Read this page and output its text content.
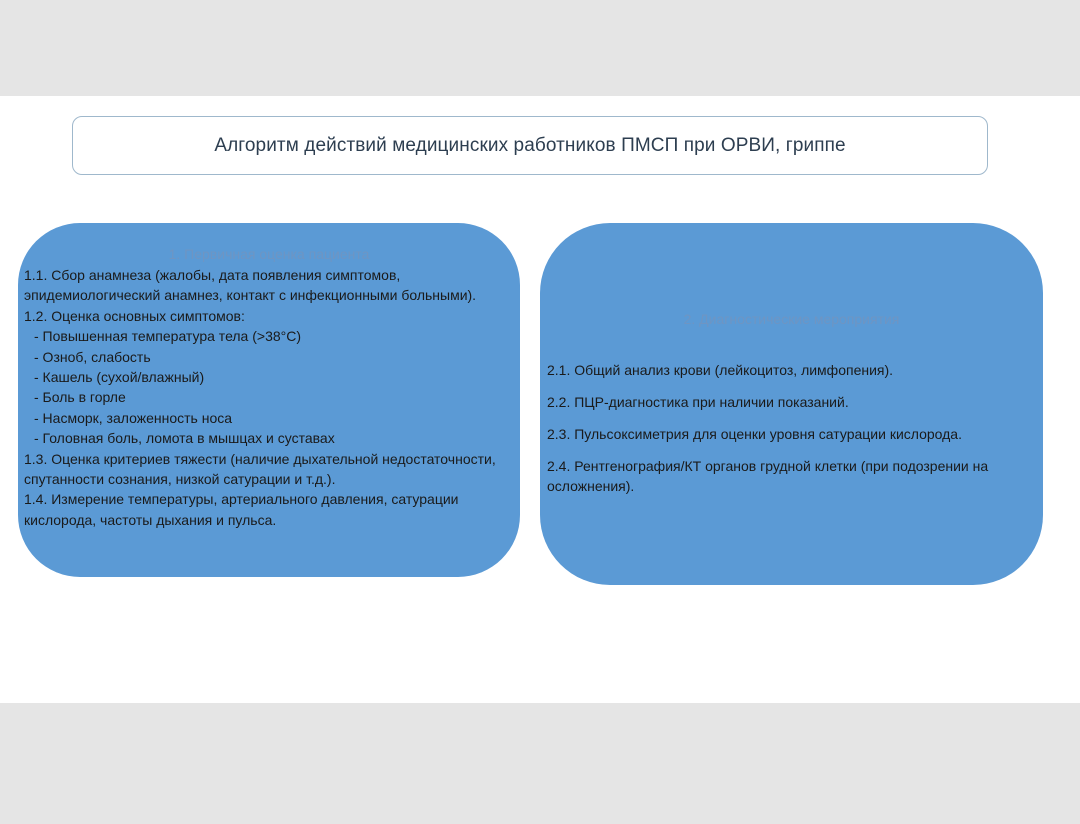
Алгоритм действий медицинских работников ПМСП при ОРВИ, гриппе
1. Первичная оценка пациента
1.1. Сбор анамнеза (жалобы, дата появления симптомов, эпидемиологический анамнез, контакт с инфекционными больными).
1.2. Оценка основных симптомов:
- Повышенная температура тела (>38°C)
- Озноб, слабость
- Кашель (сухой/влажный)
- Боль в горле
- Насморк, заложенность носа
- Головная боль, ломота в мышцах и суставах
1.3. Оценка критериев тяжести (наличие дыхательной недостаточности, спутанности сознания, низкой сатурации и т.д.).
1.4. Измерение температуры, артериального давления, сатурации кислорода, частоты дыхания и пульса.
2. Диагностические мероприятия
2.1. Общий анализ крови (лейкоцитоз, лимфопения).
2.2. ПЦР-диагностика при наличии показаний.
2.3. Пульсоксиметрия для оценки уровня сатурации кислорода.
2.4. Рентгенография/КТ органов грудной клетки (при подозрении на осложнения).
